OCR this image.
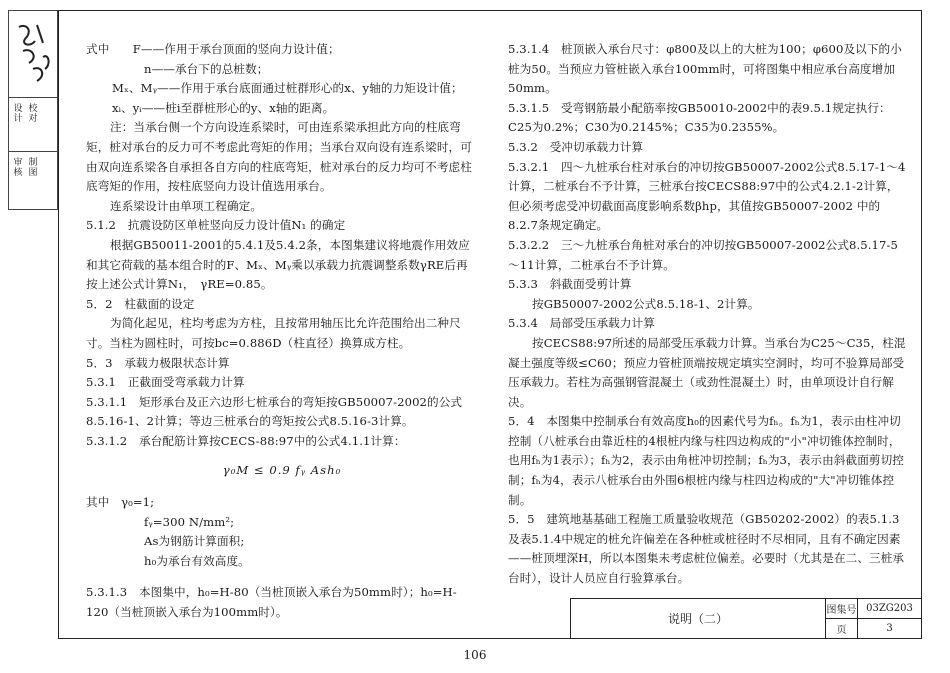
设计
校对
审核
制图

式中　　F——作用于承台顶面的竖向力设计值；

n——承台下的总桩数；

Mₓ、Mᵧ——作用于承台底面通过桩群形心的x、y轴的力矩设计值；

xᵢ、yᵢ——桩i至群桩形心的y、x轴的距离。

注：当承台侧一个方向设连系梁时，可由连系梁承担此方向的柱底弯矩，桩对承台的反力可不考虑此弯矩的作用；当承台双向设有连系梁时，可由双向连系梁各自承担各自方向的柱底弯矩，桩对承台的反力均可不考虑柱底弯矩的作用，按柱底竖向力设计值选用承台。

连系梁设计由单项工程确定。

5.1.2　抗震设防区单桩竖向反力设计值N₁ 的确定

根据GB50011-2001的5.4.1及5.4.2条，本图集建议将地震作用效应和其它荷载的基本组合时的F、Mₓ、Mᵧ乘以承载力抗震调整系数γRE后再按上述公式计算N₁，　γRE=0.85。

5．2　柱截面的设定

为简化起见，柱均考虑为方柱，且按常用轴压比允许范围给出二种尺寸。当柱为圆柱时，可按bc=0.886D（柱直径）换算成方柱。

5．3　承载力极限状态计算

5.3.1　正截面受弯承载力计算

5.3.1.1　矩形承台及正六边形七桩承台的弯矩按GB50007-2002的公式8.5.16-1、2计算；等边三桩承台的弯矩按公式8.5.16-3计算。

5.3.1.2　承台配筋计算按CECS-88:97中的公式4.1.1计算：

γ₀M ≤ 0.9 fᵧ Ash₀

其中　γ₀=1;

fᵧ=300 N/mm²;

As为钢筋计算面积;

h₀为承台有效高度。

5.3.1.3　本图集中，h₀=H-80（当桩顶嵌入承台为50mm时）；h₀=H-120（当桩顶嵌入承台为100mm时）。

5.3.1.4　桩顶嵌入承台尺寸：φ800及以上的大桩为100；φ600及以下的小桩为50。当预应力管桩嵌入承台100mm时，可将图集中相应承台高度增加50mm。

5.3.1.5　受弯钢筋最小配筋率按GB50010-2002中的表9.5.1规定执行：C25为0.2%；C30为0.2145%；C35为0.2355%。

5.3.2　受冲切承载力计算

5.3.2.1　四～九桩承台柱对承台的冲切按GB50007-2002公式8.5.17-1～4计算，二桩承台不予计算，三桩承台按CECS88:97中的公式4.2.1-2计算，但必须考虑受冲切截面高度影响系数βhp，其值按GB50007-2002 中的8.2.7条规定确定。

5.3.2.2　三～九桩承台角桩对承台的冲切按GB50007-2002公式8.5.17-5～11计算，二桩承台不予计算。

5.3.3　斜截面受剪计算

按GB50007-2002公式8.5.18-1、2计算。

5.3.4　局部受压承载力计算

按CECS88:97所述的局部受压承载力计算。当承台为C25～C35，柱混凝土强度等级≤C60；预应力管桩顶端按规定填实空洞时，均可不验算局部受压承载力。若柱为高强钢管混凝土（或劲性混凝土）时，由单项设计自行解决。

5．4　本图集中控制承台有效高度h₀的因素代号为fₕ。fₕ为1，表示由柱冲切控制（八桩承台由靠近柱的4根桩内缘与柱四边构成的"小"冲切锥体控制时，也用fₕ为1表示）；fₕ为2，表示由角桩冲切控制；fₕ为3，表示由斜截面剪切控制；fₕ为4，表示八桩承台由外围6根桩内缘与柱四边构成的"大"冲切锥体控制。

5．5　建筑地基基础工程施工质量验收规范（GB50202-2002）的表5.1.3及表5.1.4中规定的桩允许偏差在各种桩或桩径时不尽相同，且有不确定因素——桩顶埋深H，所以本图集未考虑桩位偏差。必要时（尤其是在二、三桩承台时），设计人员应自行验算承台。

说明（二）
图集号 03ZG203
页	3
106
